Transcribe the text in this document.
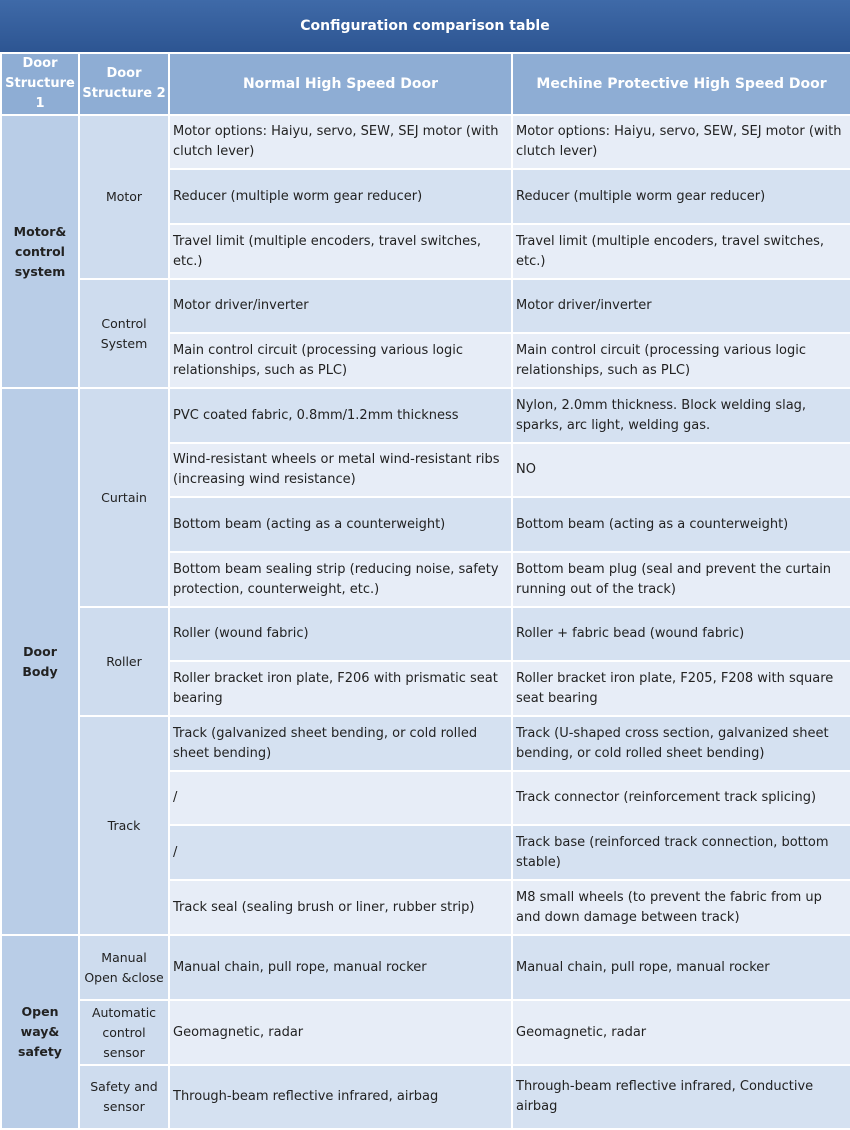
Configuration comparison table
Door Structure 1	Door Structure 2	Normal High Speed Door	Mechine Protective High Speed Door
Motor& control system	Motor	Motor options: Haiyu, servo, SEW, SEJ motor (with clutch lever)	Motor options: Haiyu, servo, SEW, SEJ motor (with clutch lever)
		Reducer (multiple worm gear reducer)	Reducer (multiple worm gear reducer)
		Travel limit (multiple encoders, travel switches, etc.)	Travel limit (multiple encoders, travel switches, etc.)
	Control System	Motor driver/inverter	Motor driver/inverter
		Main control circuit (processing various logic relationships, such as PLC)	Main control circuit (processing various logic relationships, such as PLC)
Door Body	Curtain	PVC coated fabric, 0.8mm/1.2mm thickness	Nylon, 2.0mm thickness. Block welding slag, sparks, arc light, welding gas.
		Wind-resistant wheels or metal wind-resistant ribs (increasing wind resistance)	NO
		Bottom beam (acting as a counterweight)	Bottom beam (acting as a counterweight)
		Bottom beam sealing strip (reducing noise, safety protection, counterweight, etc.)	Bottom beam plug (seal and prevent the curtain running out of the track)
	Roller	Roller (wound fabric)	Roller + fabric bead (wound fabric)
		Roller bracket iron plate, F206 with prismatic seat bearing	Roller bracket iron plate, F205, F208 with square seat bearing
	Track	Track (galvanized sheet bending, or cold rolled sheet bending)	Track (U-shaped cross section, galvanized sheet bending, or cold rolled sheet bending)
		/	Track connector (reinforcement track splicing)
		/	Track base (reinforced track connection, bottom stable)
		Track seal (sealing brush or liner, rubber strip)	M8 small wheels (to prevent the fabric from up and down damage between track)
Open way& safety	Manual Open &close	Manual chain, pull rope, manual rocker	Manual chain, pull rope, manual rocker
	Automatic control sensor	Geomagnetic, radar	Geomagnetic, radar
	Safety and sensor	Through-beam reflective infrared, airbag	Through-beam reflective infrared, Conductive airbag
